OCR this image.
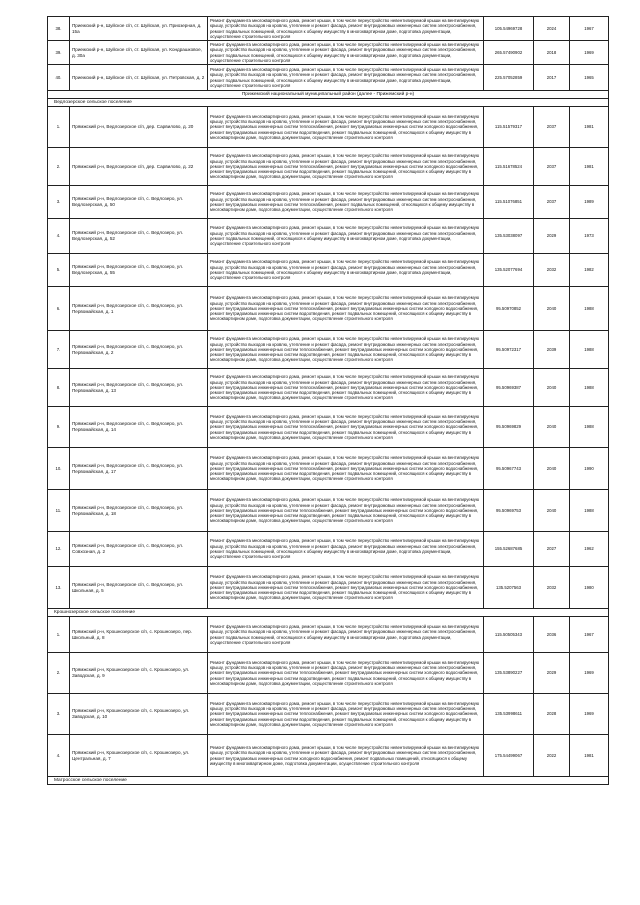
38.	Приежский р-н, Шуйское с/п, ст. Шуйская, ул. Приозерная, д. 15а	Ремонт фундамента многоквартирного дома, ремонт крыши, в том числе переустройство невентилируемой крыши на вентилируемую крышу, устройство выходов на кровлю, утепление и ремонт фасада, ремонт внутридомовых инженерных систем электроснабжения, ремонт подвальных помещений, относящихся к общему имуществу в многоквартирном доме, подготовка документации, осуществление строительного контроля	105.54969728	2024	1967
39.	Приежский р-н, Шуйское с/п, ст. Шуйская, ул. Кондрашковое, д. 30а	Ремонт фундамента многоквартирного дома, ремонт крыши, в том числе переустройство невентилируемой крыши на вентилируемую крышу, устройство выходов на кровлю, утепление и ремонт фасада, ремонт внутридомовых инженерных систем электроснабжения, ремонт подвальных помещений, относящихся к общему имуществу в многоквартирном доме, подготовка документации, осуществление строительного контроля	265.57490902	2018	1969
40.	Приежский р-н, Шуйское с/п, ст. Шуйская, ул. Петровская, д. 2	Ремонт фундамента многоквартирного дома, ремонт крыши, в том числе переустройство невентилируемой крыши на вентилируемую крышу, устройство выходов на кровлю, утепление и ремонт фасада, ремонт внутридомовых инженерных систем электроснабжения, ремонт подвальных помещений, относящихся к общему имуществу в многоквартирном доме, подготовка документации, осуществление строительного контроля	225.57052859	2017	1965
Прижемский национальный муниципальный район (далее - Прижемский р-н)					
Ведлозерское сельское поселение					
1.	Прямжский р-н, Ведлозерское с/п, дер. Сарвилово, д. 20	Ремонт фундамента многоквартирного дома, ремонт крыши, в том числе переустройство невентилируемой крыши на вентилируемую крышу, устройство выходов на кровлю, утепление и ремонт фасада, ремонт внутридомовых инженерных систем электроснабжения, ремонт внутридомовых инженерных систем теплоснабжения, ремонт внутридомовых инженерных систем холодного водоснабжения, ремонт внутридомовых инженерных систем водоотведения, ремонт подвальных помещений, относящихся к общему имуществу в многоквартирном доме, подготовка документации, осуществление строительного контроля	115.51579317	2037	1981
2.	Прямжский р-н, Ведлозерское с/п, дер. Сарвилово, д. 22	Ремонт фундамента многоквартирного дома, ремонт крыши, в том числе переустройство невентилируемой крыши на вентилируемую крышу, устройство выходов на кровлю, утепление и ремонт фасада, ремонт внутридомовых инженерных систем электроснабжения, ремонт внутридомовых инженерных систем теплоснабжения, ремонт внутридомовых инженерных систем холодного водоснабжения, ремонт внутридомовых инженерных систем водоотведения, ремонт подвальных помещений, относящихся к общему имуществу в многоквартирном доме, подготовка документации, осуществление строительного контроля	115.51678524	2037	1981
3.	Прямжский р-н, Ведлозерское с/п, с. Ведлозеро, ул. Ведлозерская, д. 50	Ремонт фундамента многоквартирного дома, ремонт крыши, в том числе переустройство невентилируемой крыши на вентилируемую крышу, устройство выходов на кровлю, утепление и ремонт фасада, ремонт внутридомовых инженерных систем электроснабжения, ремонт внутридомовых инженерных систем теплоснабжения, ремонт подвальных помещений, относящихся к общему имуществу в многоквартирном доме, подготовка документации, осуществление строительного контроля	115.51076851	2037	1989
4.	Прямжский р-н, Ведлозерское с/п, с. Ведлозеро, ул. Ведлозерская, д. 52	Ремонт фундамента многоквартирного дома, ремонт крыши, в том числе переустройство невентилируемой крыши на вентилируемую крышу, устройство выходов на кровлю, утепление и ремонт фасада, ремонт внутридомовых инженерных систем электроснабжения, ремонт подвальных помещений, относящихся к общему имуществу в многоквартирном доме, подготовка документации, осуществление строительного контроля	135.53038097	2029	1973
5.	Прямжский р-н, Ведлозерское с/п, с. Ведлозеро, ул. Ведлозерская, д. 55	Ремонт фундамента многоквартирного дома, ремонт крыши, в том числе переустройство невентилируемой крыши на вентилируемую крышу, устройство выходов на кровлю, утепление и ремонт фасада, ремонт внутридомовых инженерных систем электроснабжения, ремонт подвальных помещений, относящихся к общему имуществу в многоквартирном доме, подготовка документации, осуществление строительного контроля	135.52077694	2032	1982
6.	Прямжский р-н, Ведлозерское с/п, с. Ведлозеро, ул. Первомайская, д. 1	Ремонт фундамента многоквартирного дома, ремонт крыши, в том числе переустройство невентилируемой крыши на вентилируемую крышу, устройство выходов на кровлю, утепление и ремонт фасада, ремонт внутридомовых инженерных систем электроснабжения, ремонт внутридомовых инженерных систем теплоснабжения, ремонт внутридомовых инженерных систем холодного водоснабжения, ремонт внутридомовых инженерных систем водоотведения, ремонт подвальных помещений, относящихся к общему имуществу в многоквартирном доме, подготовка документации, осуществление строительного контроля	95.50970852	2040	1988
7.	Прямжский р-н, Ведлозерское с/п, с. Ведлозеро, ул. Первомайская, д. 2	Ремонт фундамента многоквартирного дома, ремонт крыши, в том числе переустройство невентилируемой крыши на вентилируемую крышу, устройство выходов на кровлю, утепление и ремонт фасада, ремонт внутридомовых инженерных систем электроснабжения, ремонт внутридомовых инженерных систем теплоснабжения, ремонт внутридомовых инженерных систем холодного водоснабжения, ремонт внутридомовых инженерных систем водоотведения, ремонт подвальных помещений, относящихся к общему имуществу в многоквартирном доме, подготовка документации, осуществление строительного контроля	95.50972317	2039	1988
8.	Прямжский р-н, Ведлозерское с/п, с. Ведлозеро, ул. Первомайская, д. 13	Ремонт фундамента многоквартирного дома, ремонт крыши, в том числе переустройство невентилируемой крыши на вентилируемую крышу, устройство выходов на кровлю, утепление и ремонт фасада, ремонт внутридомовых инженерных систем электроснабжения, ремонт внутридомовых инженерных систем теплоснабжения, ремонт внутридомовых инженерных систем холодного водоснабжения, ремонт внутридомовых инженерных систем водоотведения, ремонт подвальных помещений, относящихся к общему имуществу в многоквартирном доме, подготовка документации, осуществление строительного контроля	95.50969387	2040	1988
9.	Прямжский р-н, Ведлозерское с/п, с. Ведлозеро, ул. Первомайская, д. 14	Ремонт фундамента многоквартирного дома, ремонт крыши, в том числе переустройство невентилируемой крыши на вентилируемую крышу, устройство выходов на кровлю, утепление и ремонт фасада, ремонт внутридомовых инженерных систем электроснабжения, ремонт внутридомовых инженерных систем теплоснабжения, ремонт внутридомовых инженерных систем холодного водоснабжения, ремонт внутридомовых инженерных систем водоотведения, ремонт подвальных помещений, относящихся к общему имуществу в многоквартирном доме, подготовка документации, осуществление строительного контроля	95.50969829	2040	1988
10.	Прямжский р-н, Ведлозерское с/п, с. Ведлозеро, ул. Первомайская, д. 17	Ремонт фундамента многоквартирного дома, ремонт крыши, в том числе переустройство невентилируемой крыши на вентилируемую крышу, устройство выходов на кровлю, утепление и ремонт фасада, ремонт внутридомовых инженерных систем электроснабжения, ремонт внутридомовых инженерных систем теплоснабжения, ремонт внутридомовых инженерных систем холодного водоснабжения, ремонт внутридомовых инженерных систем водоотведения, ремонт подвальных помещений, относящихся к общему имуществу в многоквартирном доме, подготовка документации, осуществление строительного контроля	95.50967743	2040	1990
11.	Прямжский р-н, Ведлозерское с/п, с. Ведлозеро, ул. Первомайская, д. 18	Ремонт фундамента многоквартирного дома, ремонт крыши, в том числе переустройство невентилируемой крыши на вентилируемую крышу, устройство выходов на кровлю, утепление и ремонт фасада, ремонт внутридомовых инженерных систем электроснабжения, ремонт внутридомовых инженерных систем теплоснабжения, ремонт внутридомовых инженерных систем холодного водоснабжения, ремонт внутридомовых инженерных систем водоотведения, ремонт подвальных помещений, относящихся к общему имуществу в многоквартирном доме, подготовка документации, осуществление строительного контроля	95.50969753	2040	1988
12.	Прямжский р-н, Ведлозерское с/п, с. Ведлозеро, ул. Совхозная, д. 2	Ремонт фундамента многоквартирного дома, ремонт крыши, в том числе переустройство невентилируемой крыши на вентилируемую крышу, устройство выходов на кровлю, утепление и ремонт фасада, ремонт внутридомовых инженерных систем электроснабжения, ремонт подвальных помещений, относящихся к общему имуществу в многоквартирном доме, подготовка документации, осуществление строительного контроля	155.52687685	2027	1962
13.	Прямжский р-н, Ведлозерское с/п, с. Ведлозеро, ул. Школьная, д. 5	Ремонт фундамента многоквартирного дома, ремонт крыши, в том числе переустройство невентилируемой крыши на вентилируемую крышу, устройство выходов на кровлю, утепление и ремонт фасада, ремонт внутридомовых инженерных систем электроснабжения, ремонт внутридомовых инженерных систем теплоснабжения, ремонт внутридомовых инженерных систем холодного водоснабжения, ремонт внутридомовых инженерных систем водоотведения, ремонт подвальных помещений, относящихся к общему имуществу в многоквартирном доме, подготовка документации, осуществление строительного контроля	135.5207563	2032	1980
Крошнозерское сельское поселение					
1.	Прямжский р-н, Крошнозерское с/п, с. Крошнозеро, пер. Школьный, д. 8	Ремонт фундамента многоквартирного дома, ремонт крыши, в том числе переустройство невентилируемой крыши на вентилируемую крышу, устройство выходов на кровлю, утепление и ремонт фасада, ремонт внутридомовых инженерных систем электроснабжения, ремонт подвальных помещений, относящихся к общему имуществу в многоквартирном доме, подготовка документации, осуществление строительного контроля	115.50505343	2036	1967
2.	Прямжский р-н, Крошнозерское с/п, с. Крошнозеро, ул. Заводская, д. 9	Ремонт фундамента многоквартирного дома, ремонт крыши, в том числе переустройство невентилируемой крыши на вентилируемую крышу, устройство выходов на кровлю, утепление и ремонт фасада, ремонт внутридомовых инженерных систем электроснабжения, ремонт внутридомовых инженерных систем теплоснабжения, ремонт внутридомовых инженерных систем холодного водоснабжения, ремонт внутридомовых инженерных систем водоотведения, ремонт подвальных помещений, относящихся к общему имуществу в многоквартирном доме, подготовка документации, осуществление строительного контроля	135.53890227	2029	1969
3.	Прямжский р-н, Крошнозерское с/п, с. Крошнозеро, ул. Заводская, д. 10	Ремонт фундамента многоквартирного дома, ремонт крыши, в том числе переустройство невентилируемой крыши на вентилируемую крышу, устройство выходов на кровлю, утепление и ремонт фасада, ремонт внутридомовых инженерных систем электроснабжения, ремонт внутридомовых инженерных систем теплоснабжения, ремонт внутридомовых инженерных систем холодного водоснабжения, ремонт внутридомовых инженерных систем водоотведения, ремонт подвальных помещений, относящихся к общему имуществу в многоквартирном доме, подготовка документации, осуществление строительного контроля	135.53998611	2028	1969
4.	Прямжский р-н, Крошнозерское с/п, с. Крошнозеро, ул. Центральная, д. 7	Ремонт фундамента многоквартирного дома, ремонт крыши, в том числе переустройство невентилируемой крыши на вентилируемую крышу, устройство выходов на кровлю, утепление и ремонт фасада, ремонт внутридомовых инженерных систем электроснабжения, ремонт внутридомовых инженерных систем холодного водоснабжения, ремонт подвальных помещений, относящихся к общему имуществу в многоквартирном доме, подготовка документации, осуществление строительного контроля	175.54499067	2022	1981
Матросское сельское поселение					
